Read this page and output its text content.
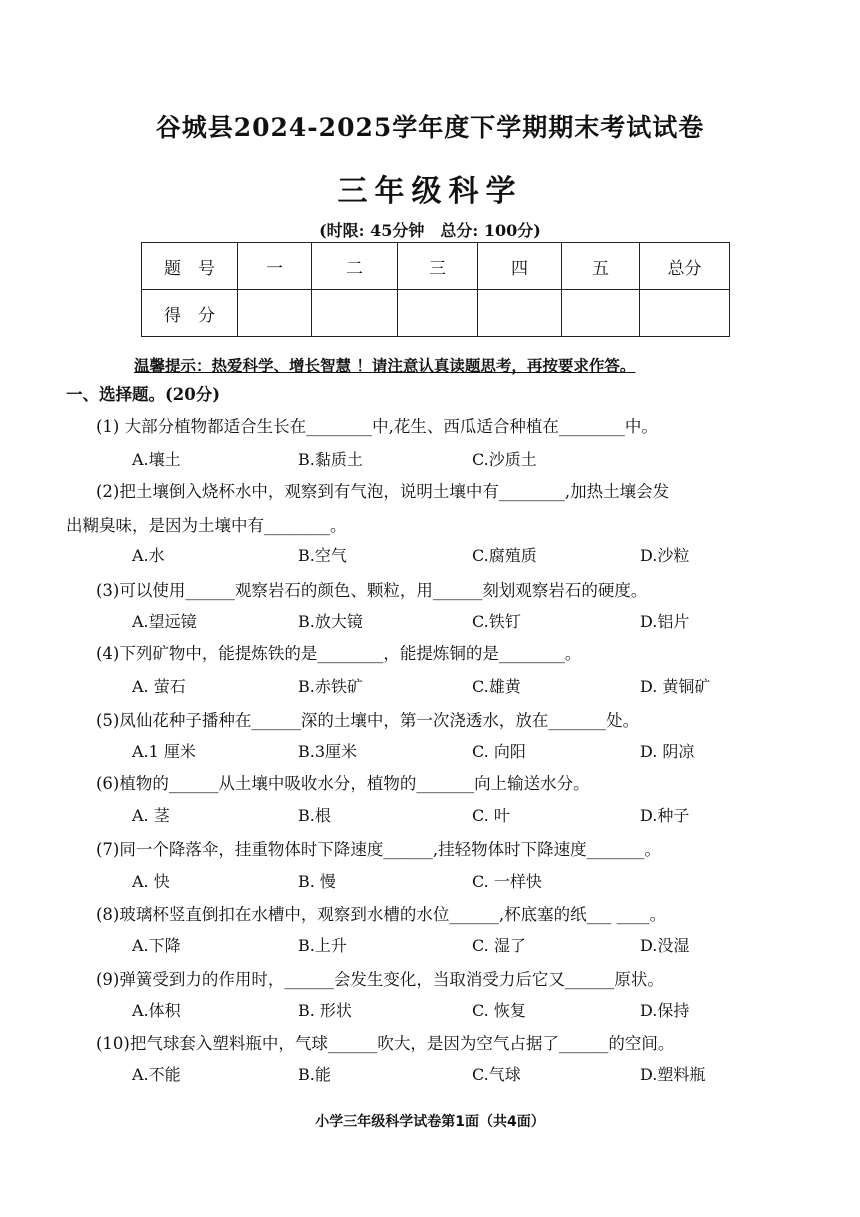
谷城县2024-2025学年度下学期期末考试试卷
三年级科学
(时限: 45分钟　总分: 100分)
题　号	一	二	三	四	五	总分
得　分						
温馨提示：热爱科学、增长智慧 ！请注意认真读题思考，再按要求作答。
一、选择题。(20分)
(1) 大部分植物都适合生长在________中,花生、西瓜适合种植在________中。
A.壤土	B.黏质土	C.沙质土
(2)把土壤倒入烧杯水中，观察到有气泡，说明土壤中有________,加热土壤会发
出糊臭味，是因为土壤中有________。
A.水	B.空气	C.腐殖质	D.沙粒
(3)可以使用______观察岩石的颜色、颗粒，用______刻划观察岩石的硬度。
A.望远镜	B.放大镜	C.铁钉	D.铝片
(4)下列矿物中，能提炼铁的是________，能提炼铜的是________。
A. 萤石	B.赤铁矿	C.雄黄	D. 黄铜矿
(5)凤仙花种子播种在______深的土壤中，第一次浇透水，放在_______处。
A.1 厘米	B.3厘米	C. 向阳	D. 阴凉
(6)植物的______从土壤中吸收水分，植物的_______向上输送水分。
A. 茎	B.根	C. 叶	D.种子
(7)同一个降落伞，挂重物体时下降速度______,挂轻物体时下降速度_______。
A. 快	B. 慢	C. 一样快
(8)玻璃杯竖直倒扣在水槽中，观察到水槽的水位______,杯底塞的纸___ ____。
A.下降	B.上升	C. 湿了	D.没湿
(9)弹簧受到力的作用时，______会发生变化，当取消受力后它又______原状。
A.体积	B. 形状	C. 恢复	D.保持
(10)把气球套入塑料瓶中，气球______吹大，是因为空气占据了______的空间。
A.不能	B.能	C.气球	D.塑料瓶
小学三年级科学试卷第1面（共4面）
